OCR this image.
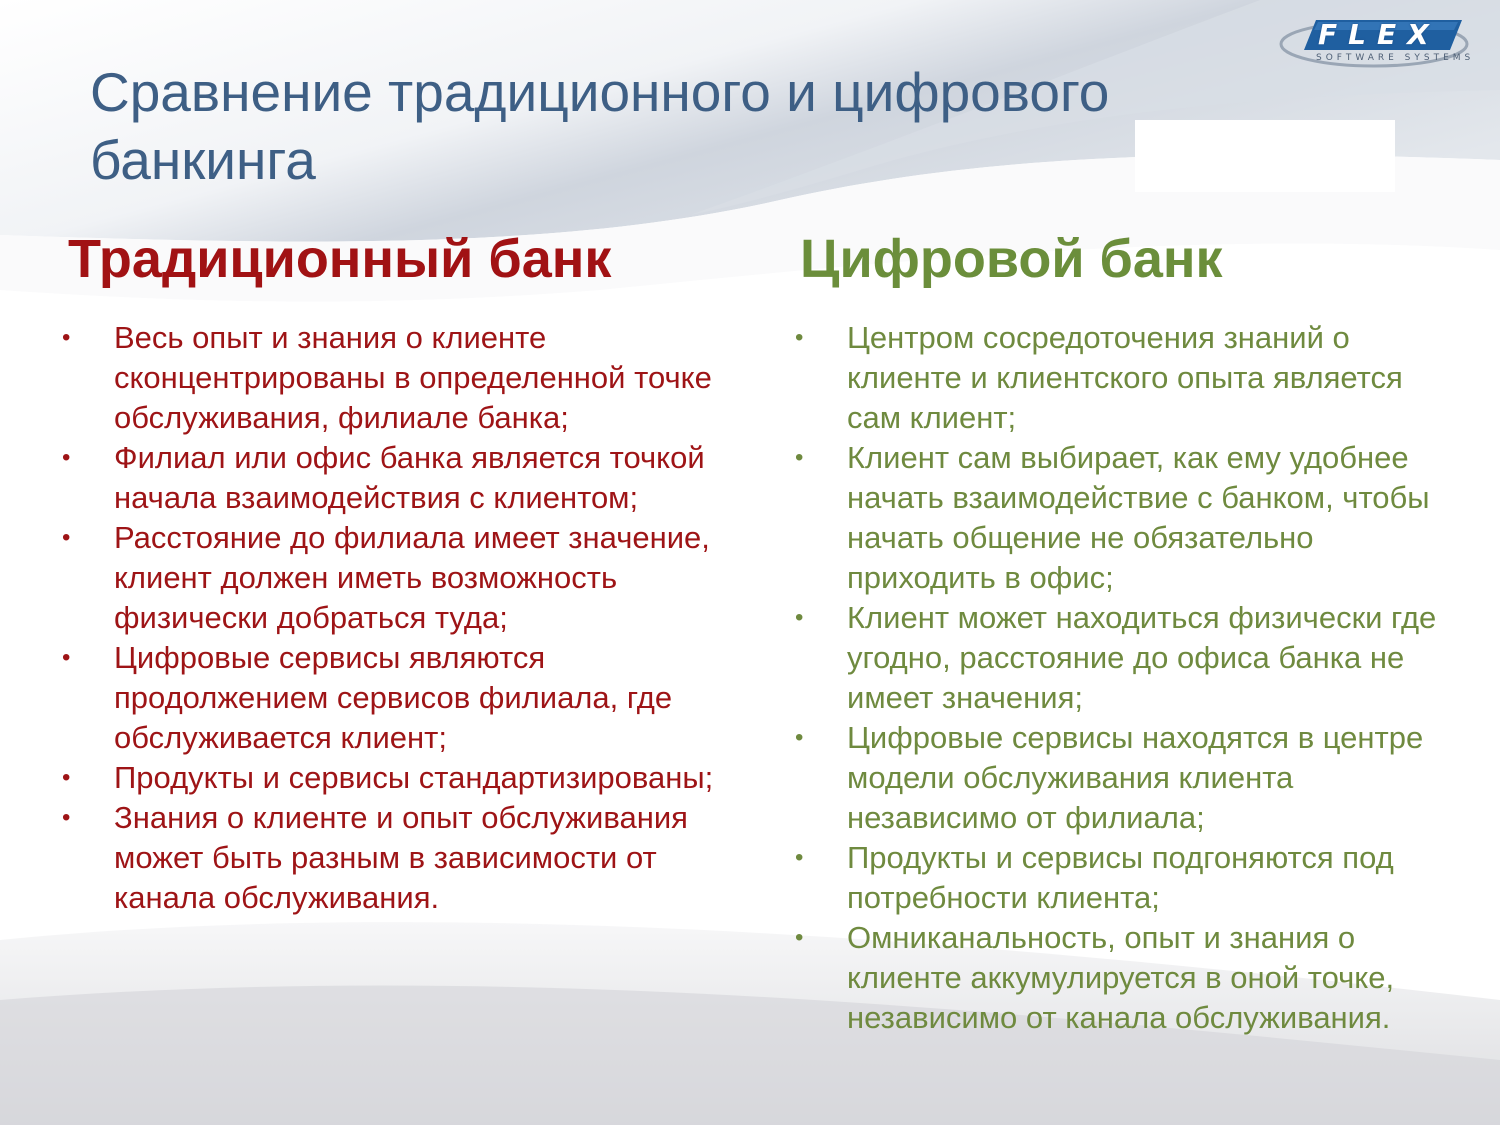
FLEX
SOFTWARE SYSTEMS
Сравнение традиционного и цифрового банкинга
Традиционный банк	Цифровой банк
•	Весь опыт и знания о клиенте сконцентрированы в определенной точке обслуживания, филиале банка;
•	Филиал или офис банка является точкой начала взаимодействия с клиентом;
•	Расстояние до филиала имеет значение, клиент должен иметь возможность физически добраться туда;
•	Цифровые сервисы являются продолжением сервисов филиала, где обслуживается клиент;
•	Продукты и сервисы стандартизированы;
•	Знания о клиенте и опыт обслуживания может быть разным в зависимости от канала обслуживания.
•	Центром сосредоточения знаний о клиенте и клиентского опыта является сам клиент;
•	Клиент сам выбирает, как ему удобнее начать взаимодействие с банком, чтобы начать общение не обязательно приходить в офис;
•	Клиент может находиться физически где угодно, расстояние до офиса банка не имеет значения;
•	Цифровые сервисы находятся в центре модели обслуживания клиента независимо от филиала;
•	Продукты и сервисы подгоняются под потребности клиента;
•	Омниканальность, опыт и знания о клиенте аккумулируется в оной точке, независимо от канала обслуживания.
